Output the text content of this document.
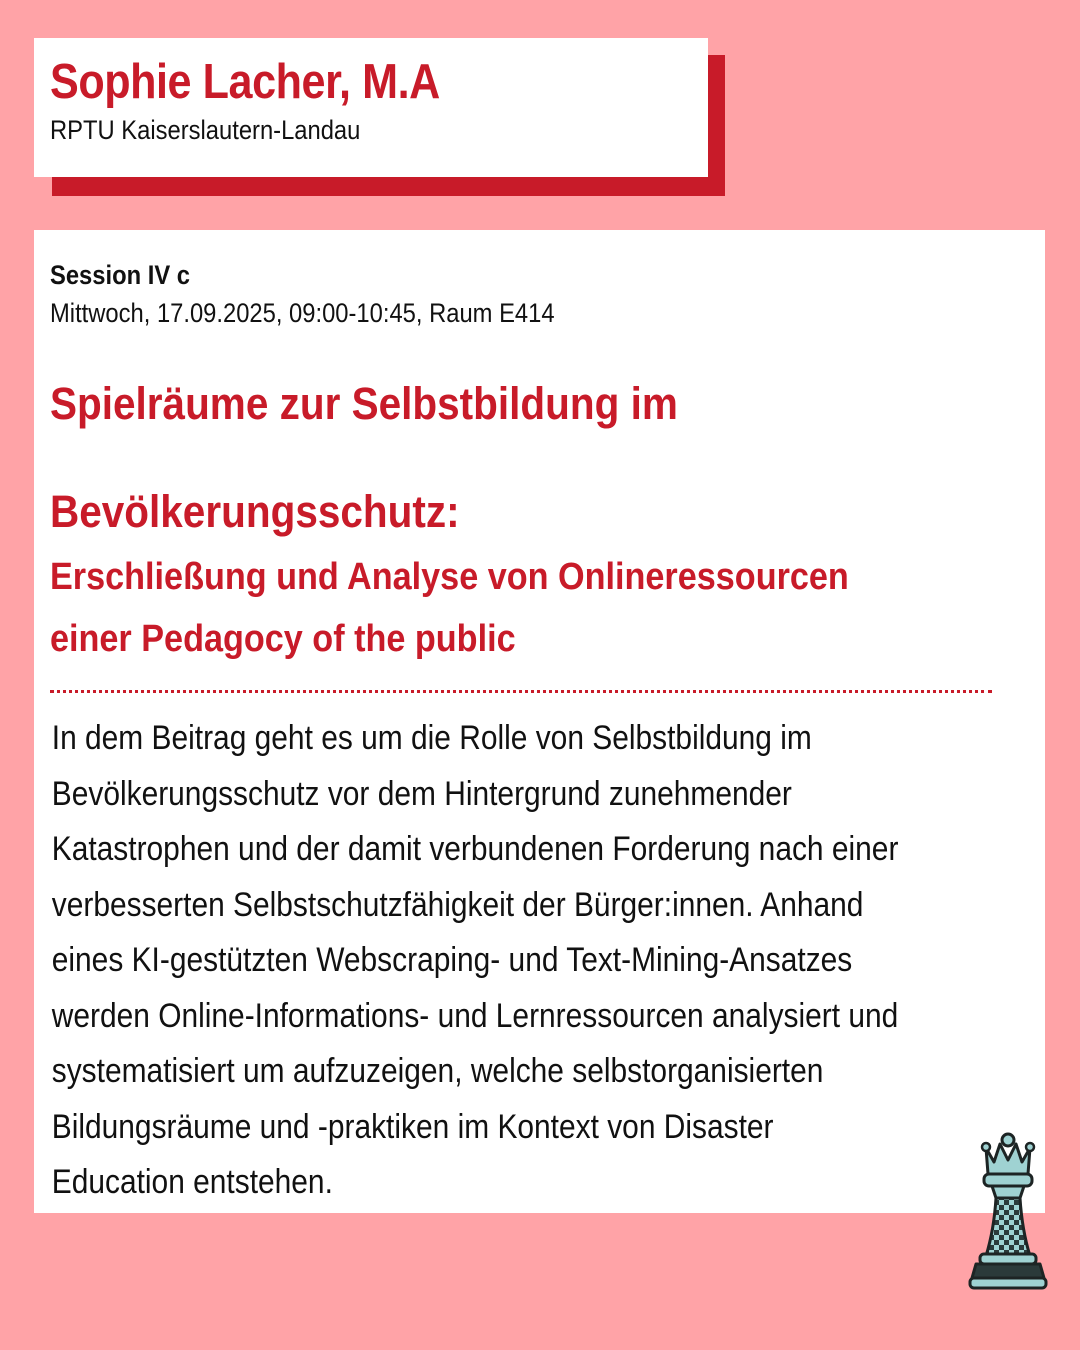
Sophie Lacher, M.A
RPTU Kaiserslautern-Landau
Session IV c
Mittwoch, 17.09.2025, 09:00-10:45, Raum E414
Spielräume zur Selbstbildung im
Bevölkerungsschutz:
Erschließung und Analyse von Onlineressourcen
einer Pedagocy of the public
In dem Beitrag geht es um die Rolle von Selbstbildung im
Bevölkerungsschutz vor dem Hintergrund zunehmender
Katastrophen und der damit verbundenen Forderung nach einer
verbesserten Selbstschutzfähigkeit der Bürger:innen. Anhand
eines KI-gestützten Webscraping- und Text-Mining-Ansatzes
werden Online-Informations- und Lernressourcen analysiert und
systematisiert um aufzuzeigen, welche selbstorganisierten
Bildungsräume und -praktiken im Kontext von Disaster
Education entstehen.
